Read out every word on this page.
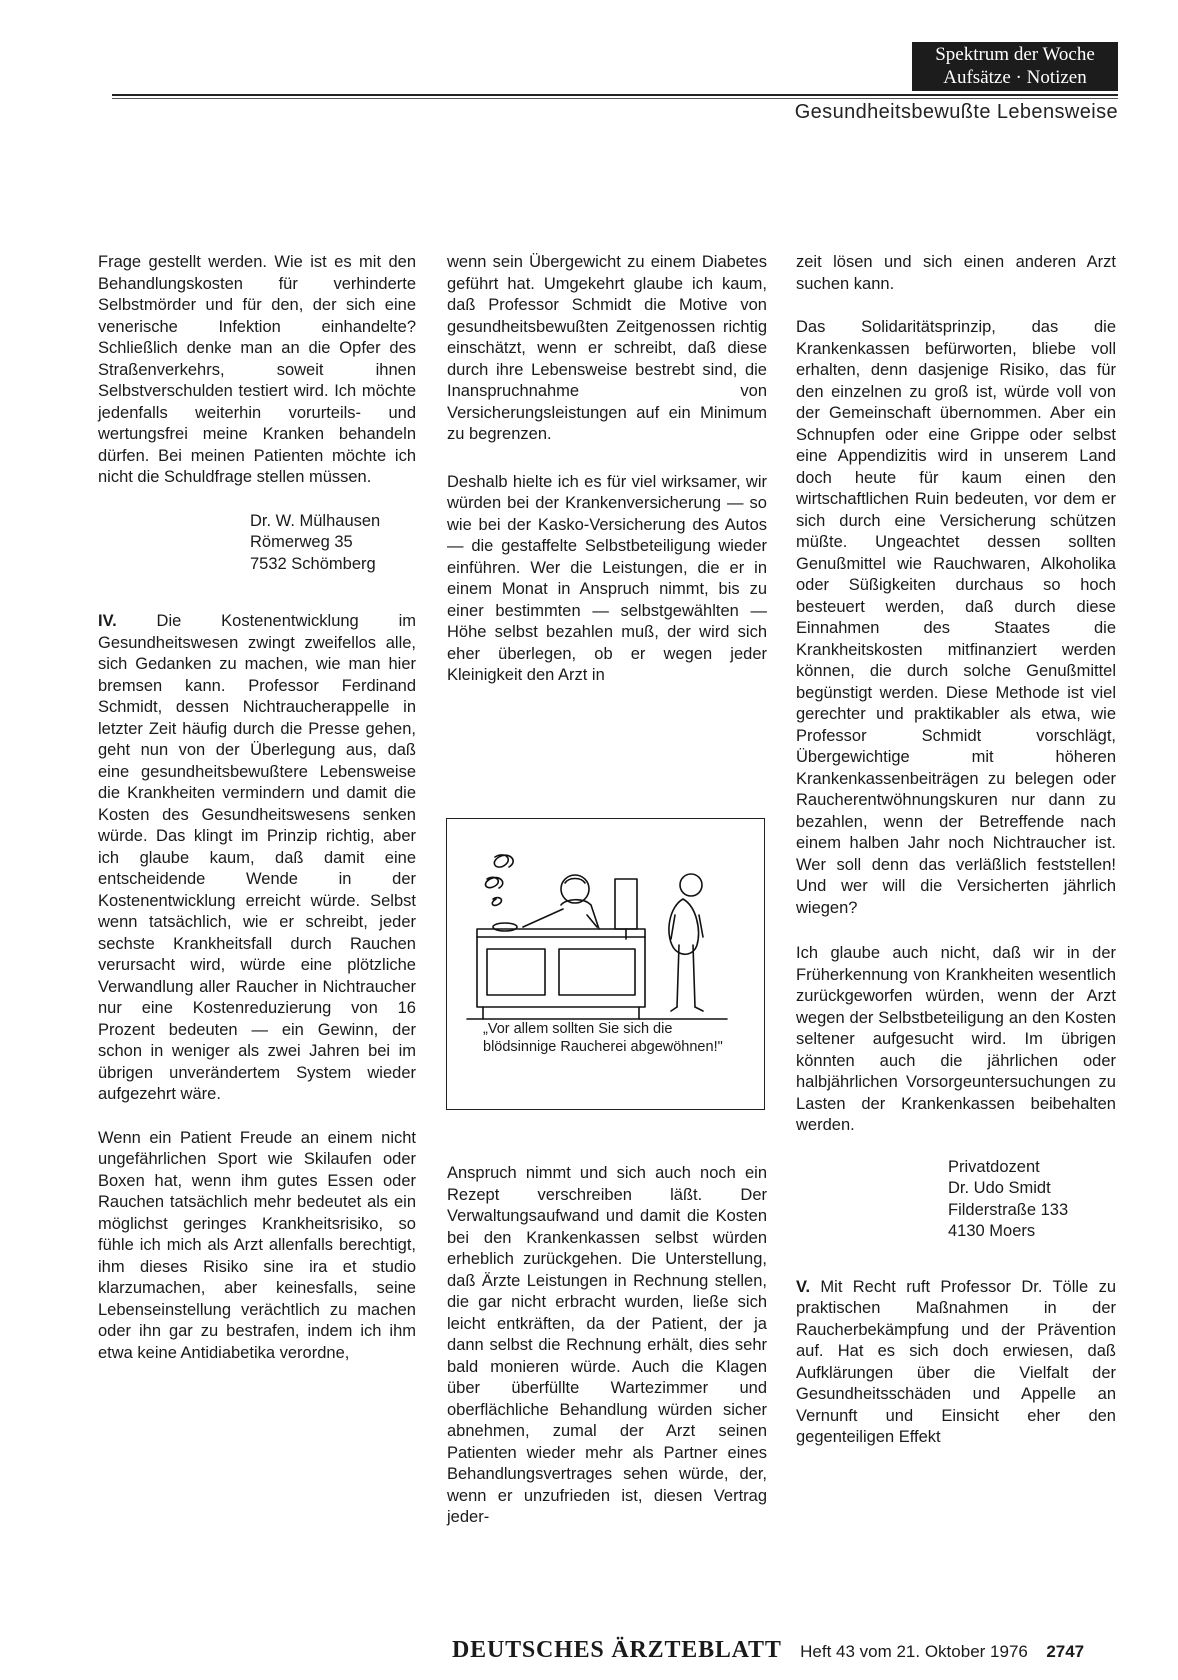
Spektrum der Woche
Aufsätze · Notizen
Gesundheitsbewußte Lebensweise

Frage gestellt werden. Wie ist es mit den Behandlungskosten für verhinderte Selbstmörder und für den, der sich eine venerische Infektion einhandelte? Schließlich denke man an die Opfer des Straßenverkehrs, soweit ihnen Selbstverschulden testiert wird. Ich möchte jedenfalls weiterhin vorurteils- und wertungsfrei meine Kranken behandeln dürfen. Bei meinen Patienten möchte ich nicht die Schuldfrage stellen müssen.

Dr. W. Mülhausen
Römerweg 35
7532 Schömberg

IV. Die Kostenentwicklung im Gesundheitswesen zwingt zweifellos alle, sich Gedanken zu machen, wie man hier bremsen kann. Professor Ferdinand Schmidt, dessen Nichtraucherappelle in letzter Zeit häufig durch die Presse gehen, geht nun von der Überlegung aus, daß eine gesundheitsbewußtere Lebensweise die Krankheiten vermindern und damit die Kosten des Gesundheitswesens senken würde. Das klingt im Prinzip richtig, aber ich glaube kaum, daß damit eine entscheidende Wende in der Kostenentwicklung erreicht würde. Selbst wenn tatsächlich, wie er schreibt, jeder sechste Krankheitsfall durch Rauchen verursacht wird, würde eine plötzliche Verwandlung aller Raucher in Nichtraucher nur eine Kostenreduzierung von 16 Prozent bedeuten — ein Gewinn, der schon in weniger als zwei Jahren bei im übrigen unverändertem System wieder aufgezehrt wäre.

Wenn ein Patient Freude an einem nicht ungefährlichen Sport wie Skilaufen oder Boxen hat, wenn ihm gutes Essen oder Rauchen tatsächlich mehr bedeutet als ein möglichst geringes Krankheitsrisiko, so fühle ich mich als Arzt allenfalls berechtigt, ihm dieses Risiko sine ira et studio klarzumachen, aber keinesfalls, seine Lebenseinstellung verächtlich zu machen oder ihn gar zu bestrafen, indem ich ihm etwa keine Antidiabetika verordne,

wenn sein Übergewicht zu einem Diabetes geführt hat. Umgekehrt glaube ich kaum, daß Professor Schmidt die Motive von gesundheitsbewußten Zeitgenossen richtig einschätzt, wenn er schreibt, daß diese durch ihre Lebensweise bestrebt sind, die Inanspruchnahme von Versicherungsleistungen auf ein Minimum zu begrenzen.

Deshalb hielte ich es für viel wirksamer, wir würden bei der Krankenversicherung — so wie bei der Kasko-Versicherung des Autos — die gestaffelte Selbstbeteiligung wieder einführen. Wer die Leistungen, die er in einem Monat in Anspruch nimmt, bis zu einer bestimmten — selbstgewählten — Höhe selbst bezahlen muß, der wird sich eher überlegen, ob er wegen jeder Kleinigkeit den Arzt in

„Vor allem sollten Sie sich die blödsinnige Raucherei abgewöhnen!"

Anspruch nimmt und sich auch noch ein Rezept verschreiben läßt. Der Verwaltungsaufwand und damit die Kosten bei den Krankenkassen selbst würden erheblich zurückgehen. Die Unterstellung, daß Ärzte Leistungen in Rechnung stellen, die gar nicht erbracht wurden, ließe sich leicht entkräften, da der Patient, der ja dann selbst die Rechnung erhält, dies sehr bald monieren würde. Auch die Klagen über überfüllte Wartezimmer und oberflächliche Behandlung würden sicher abnehmen, zumal der Arzt seinen Patienten wieder mehr als Partner eines Behandlungsvertrages sehen würde, der, wenn er unzufrieden ist, diesen Vertrag jeder-

zeit lösen und sich einen anderen Arzt suchen kann.

Das Solidaritätsprinzip, das die Krankenkassen befürworten, bliebe voll erhalten, denn dasjenige Risiko, das für den einzelnen zu groß ist, würde voll von der Gemeinschaft übernommen. Aber ein Schnupfen oder eine Grippe oder selbst eine Appendizitis wird in unserem Land doch heute für kaum einen den wirtschaftlichen Ruin bedeuten, vor dem er sich durch eine Versicherung schützen müßte. Ungeachtet dessen sollten Genußmittel wie Rauchwaren, Alkoholika oder Süßigkeiten durchaus so hoch besteuert werden, daß durch diese Einnahmen des Staates die Krankheitskosten mitfinanziert werden können, die durch solche Genußmittel begünstigt werden. Diese Methode ist viel gerechter und praktikabler als etwa, wie Professor Schmidt vorschlägt, Übergewichtige mit höheren Krankenkassenbeiträgen zu belegen oder Raucherentwöhnungskuren nur dann zu bezahlen, wenn der Betreffende nach einem halben Jahr noch Nichtraucher ist. Wer soll denn das verläßlich feststellen! Und wer will die Versicherten jährlich wiegen?

Ich glaube auch nicht, daß wir in der Früherkennung von Krankheiten wesentlich zurückgeworfen würden, wenn der Arzt wegen der Selbstbeteiligung an den Kosten seltener aufgesucht wird. Im übrigen könnten auch die jährlichen oder halbjährlichen Vorsorgeuntersuchungen zu Lasten der Krankenkassen beibehalten werden.

Privatdozent
Dr. Udo Smidt
Filderstraße 133
4130 Moers

V. Mit Recht ruft Professor Dr. Tölle zu praktischen Maßnahmen in der Raucherbekämpfung und der Prävention auf. Hat es sich doch erwiesen, daß Aufklärungen über die Vielfalt der Gesundheitsschäden und Appelle an Vernunft und Einsicht eher den gegenteiligen Effekt

DEUTSCHES ÄRZTEBLATT Heft 43 vom 21. Oktober 1976 2747
